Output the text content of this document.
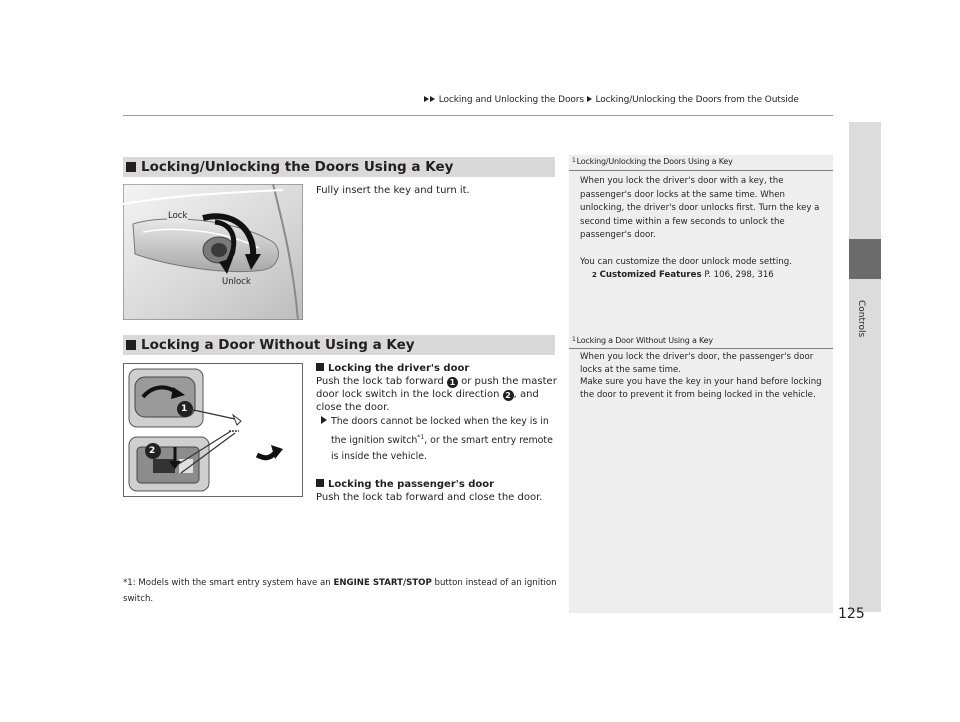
Locking and Unlocking the Doors Locking/Unlocking the Doors from the Outside
Controls
125
Locking/Unlocking the Doors Using a Key
Lock
Unlock
Fully insert the key and turn it.
1Locking/Unlocking the Doors Using a Key
When you lock the driver's door with a key, the passenger's door locks at the same time. When unlocking, the driver's door unlocks first. Turn the key a second time within a few seconds to unlock the passenger's door.
You can customize the door unlock mode setting.
2 Customized Features P. 106, 298, 316
Locking a Door Without Using a Key
1
2
Locking the driver's door
Push the lock tab forward 1 or push the master door lock switch in the lock direction 2 , and close the door.
The doors cannot be locked when the key is in the ignition switch$^{*1}$, or the smart entry remote is inside the vehicle.
Locking the passenger's door
Push the lock tab forward and close the door.
1Locking a Door Without Using a Key
When you lock the driver's door, the passenger's door locks at the same time.
Make sure you have the key in your hand before locking the door to prevent it from being locked in the vehicle.
*1: Models with the smart entry system have an ENGINE START/STOP button instead of an ignition switch.
